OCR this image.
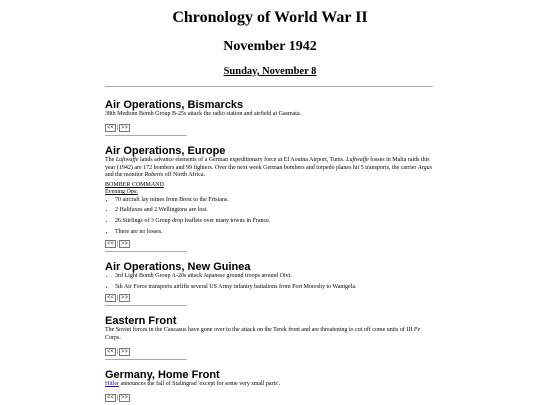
Chronology of World War II
November 1942
Sunday, November 8
Air Operations, Bismarcks

38th Medium Bomb Group B-25s attack the radio station and airfield at Gasmata.

<< | >>
Air Operations, Europe

The Luftwaffe lands advance elements of a German expeditionary force at El Aouina Airport, Tunis. Luftwaffe losses in Malta raids this year (1942) are 172 bombers and 99 fighters. Over the next week German bombers and torpedo planes hit 5 transports, the carrier Argus and the monitor Roberts off North Africa.

BOMBER COMMAND
Evening Ops:
• 70 aircraft lay mines from Brest to the Frisians.
• 2 Halifaxes and 2 Wellingtons are lost.
• 26 Stirlings of 3 Group drop leaflets over many towns in France.
• There are no losses.
<< | >>
Air Operations, New Guinea
• 3rd Light Bomb Group A-20s attack Japanese ground troops around Oivi.
• 5th Air Force transports airlifts several US Army infantry battalions from Port Moresby to Wanigela.
<< | >>
Eastern Front

The Soviet forces in the Caucasus have gone over to the attack on the Terek front and are threatening to cut off come units of III Pz Corps.

<< | >>
Germany, Home Front

Hitler announces the fall of Stalingrad 'except for some very small parts'.

<< | >>
